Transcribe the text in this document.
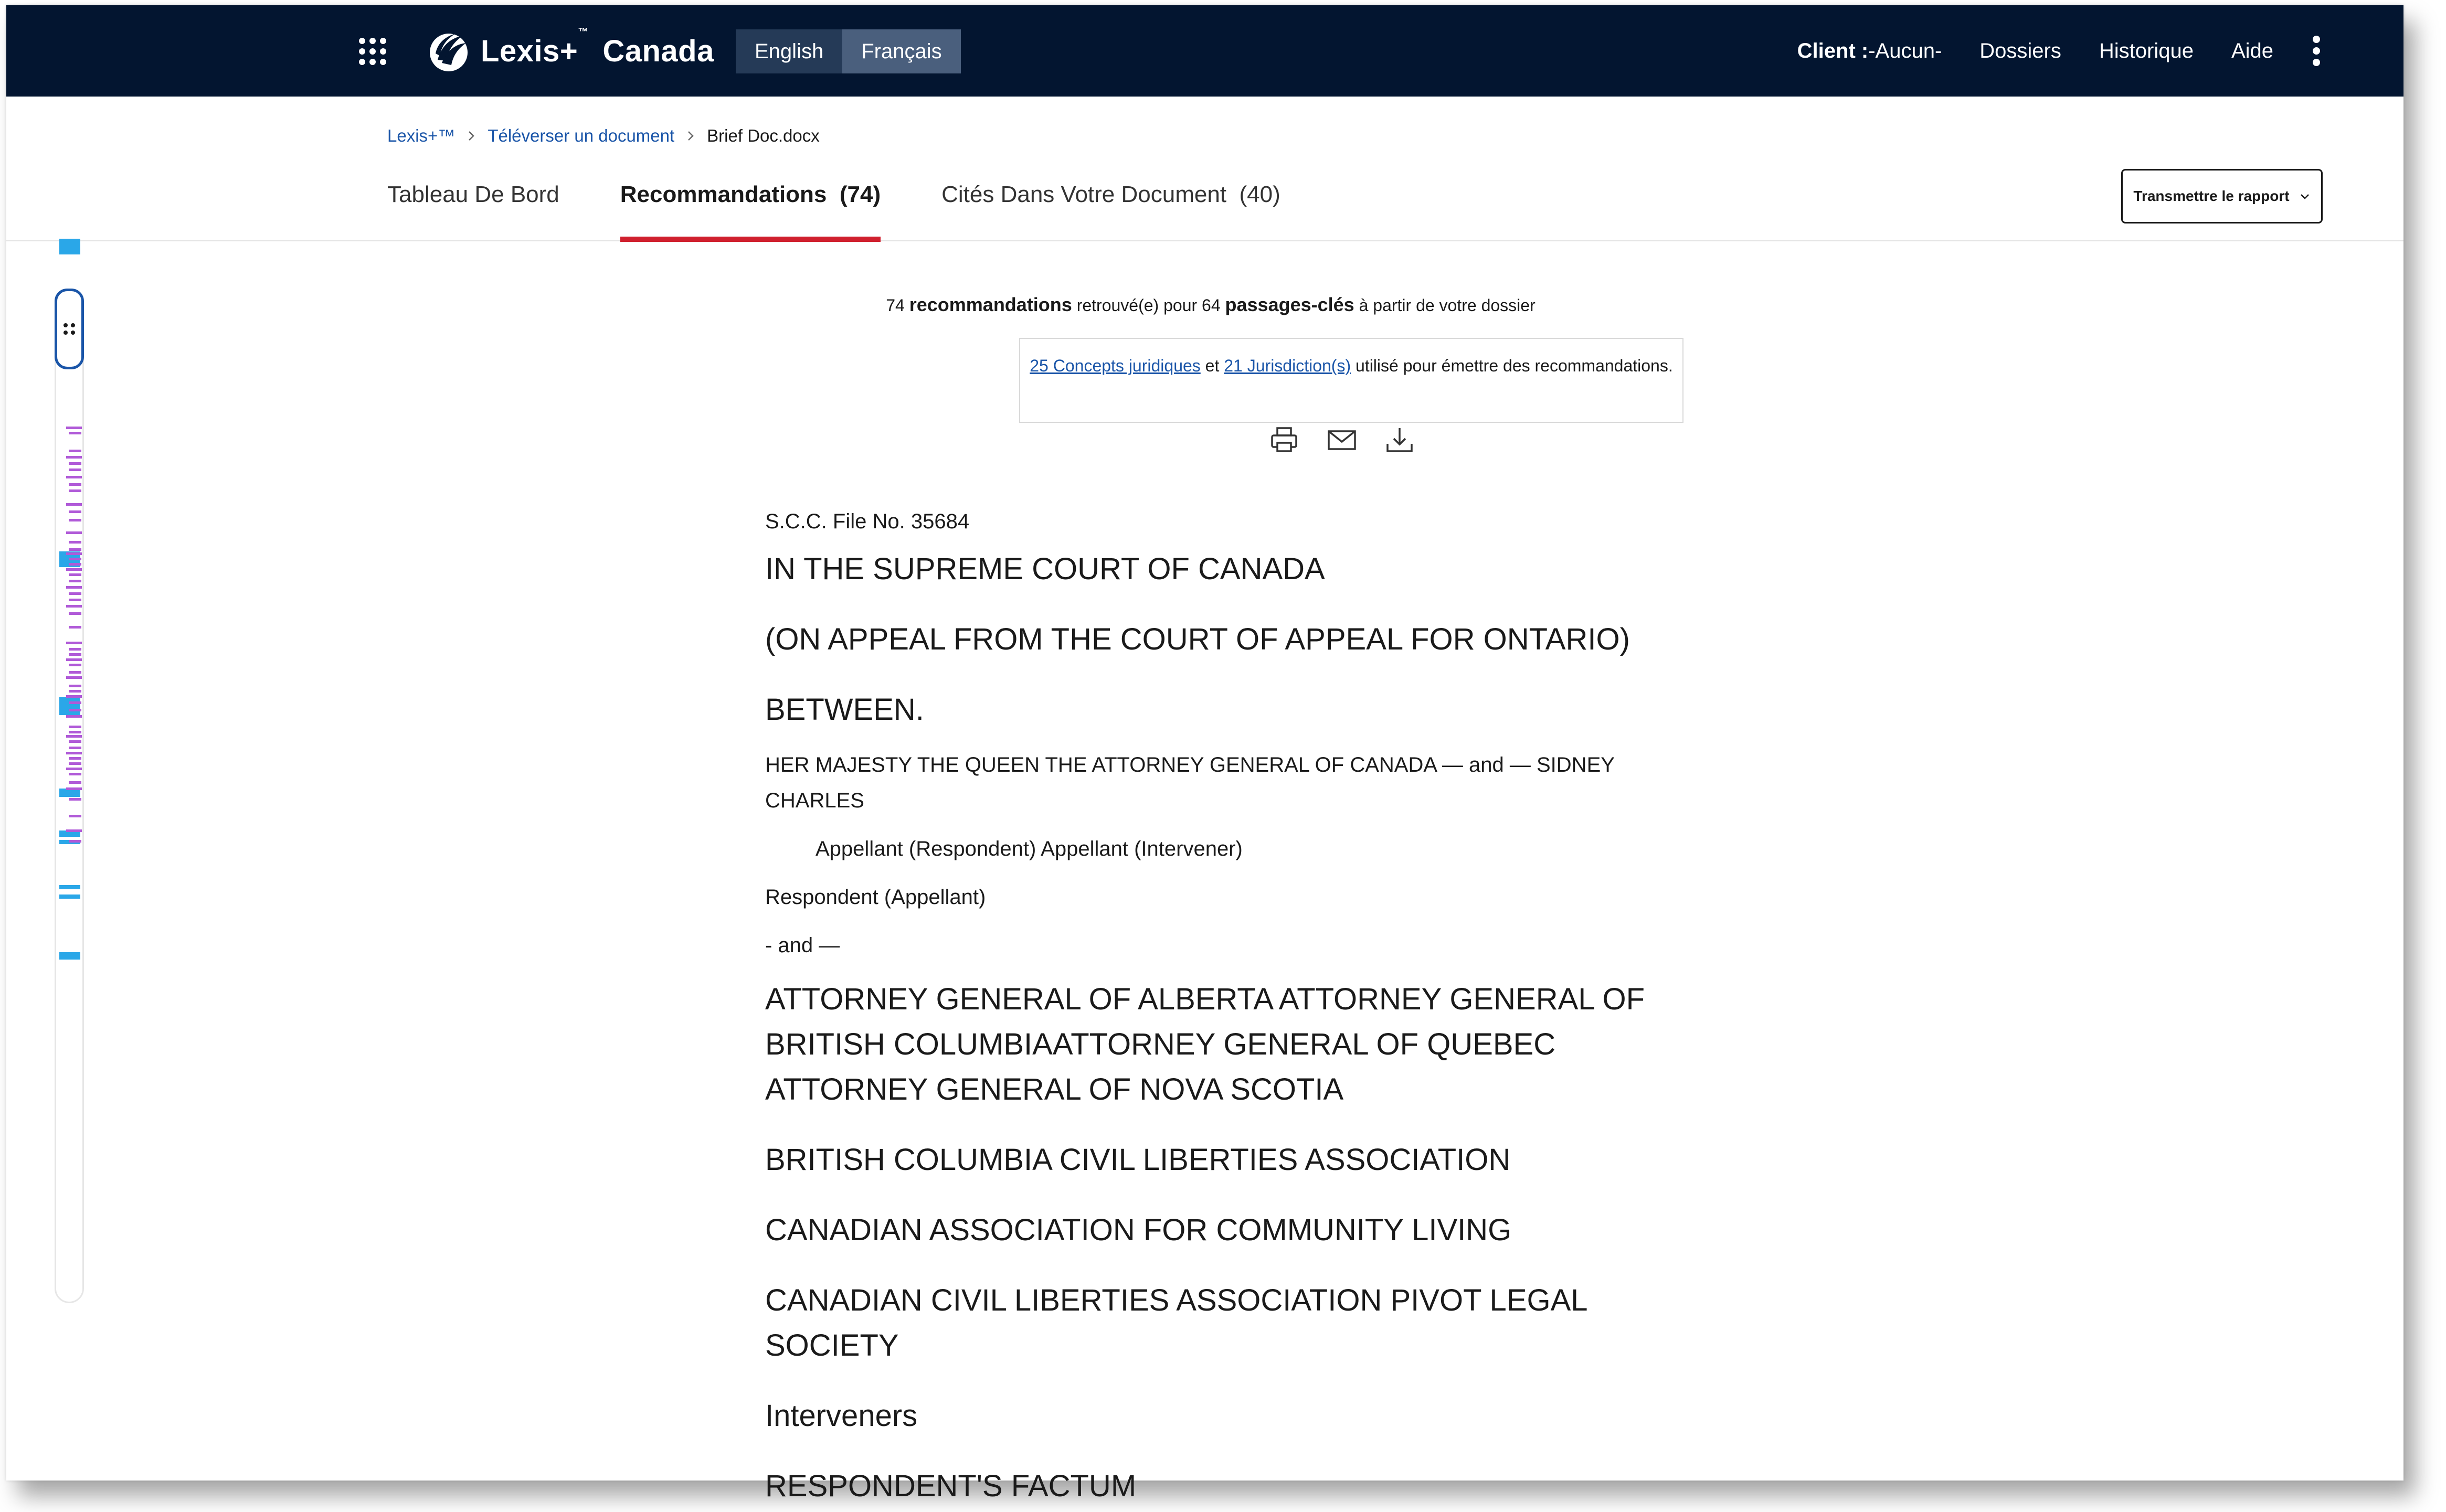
Lexis+™ Canada	English	Français	Client :-Aucun- Dossiers Historique Aide
Lexis+™ Téléverser un document Brief Doc.docx
Tableau De Bord	Recommandations (74)	Cités Dans Votre Document (40)	Transmettre le rapport
74 recommandations retrouvé(e) pour 64 passages-clés à partir de votre dossier
25 Concepts juridiques et 21 Jurisdiction(s) utilisé pour émettre des recommandations.

S.C.C. File No. 35684

IN THE SUPREME COURT OF CANADA

(ON APPEAL FROM THE COURT OF APPEAL FOR ONTARIO)

BETWEEN.

HER MAJESTY THE QUEEN THE ATTORNEY GENERAL OF CANADA — and — SIDNEY CHARLES

Appellant (Respondent) Appellant (Intervener)

Respondent (Appellant)

- and —

ATTORNEY GENERAL OF ALBERTA ATTORNEY GENERAL OF BRITISH COLUMBIAATTORNEY GENERAL OF QUEBEC ATTORNEY GENERAL OF NOVA SCOTIA

BRITISH COLUMBIA CIVIL LIBERTIES ASSOCIATION

CANADIAN ASSOCIATION FOR COMMUNITY LIVING

CANADIAN CIVIL LIBERTIES ASSOCIATION PIVOT LEGAL SOCIETY

Interveners

RESPONDENT'S FACTUM
